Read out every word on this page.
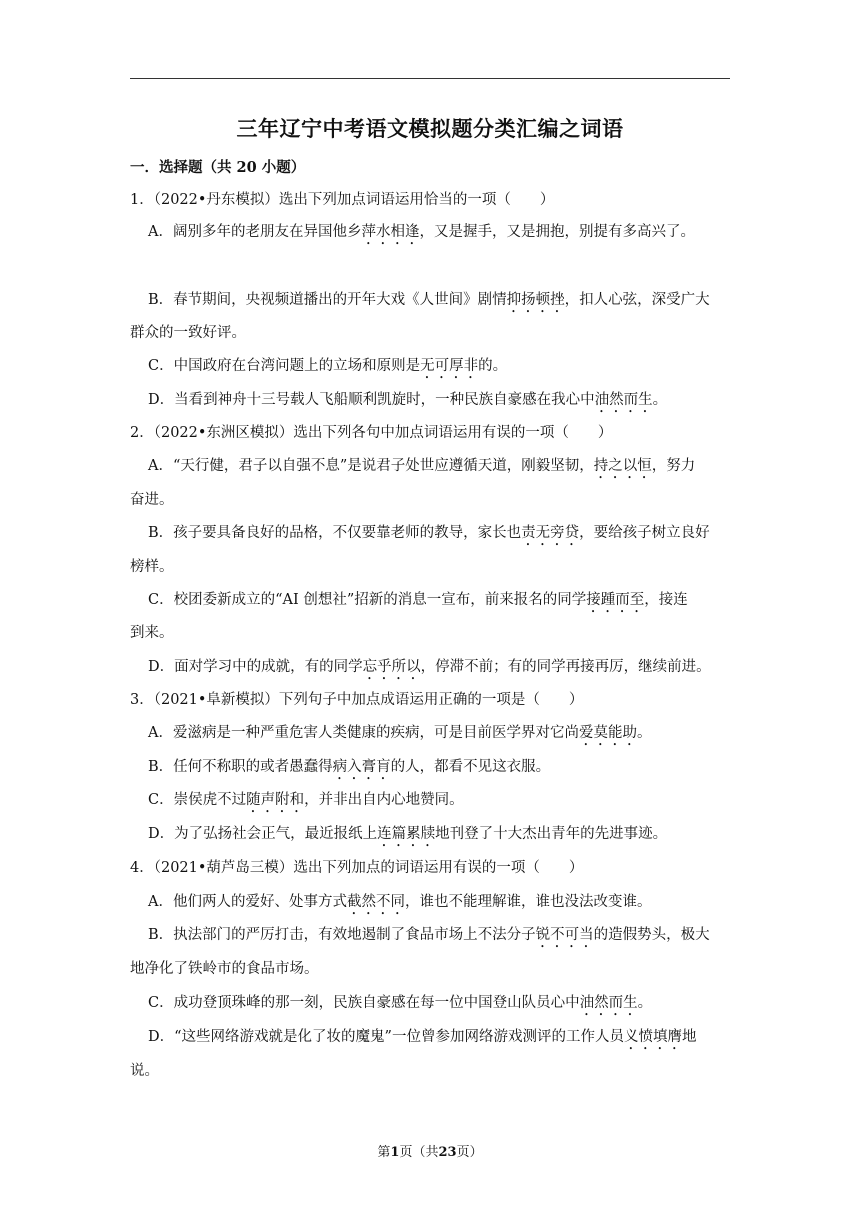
三年辽宁中考语文模拟题分类汇编之词语
一．选择题（共 20 小题）
1．（2022•丹东模拟）选出下列加点词语运用恰当的一项（　　）
A．阔别多年的老朋友在异国他乡萍水相逢，又是握手，又是拥抱，别提有多高兴了。
B．春节期间，央视频道播出的开年大戏《人世间》剧情抑扬顿挫，扣人心弦，深受广大
群众的一致好评。
C．中国政府在台湾问题上的立场和原则是无可厚非的。
D．当看到神舟十三号载人飞船顺利凯旋时，一种民族自豪感在我心中油然而生。
2．（2022•东洲区模拟）选出下列各句中加点词语运用有误的一项（　　）
A．“天行健，君子以自强不息”是说君子处世应遵循天道，刚毅坚韧，持之以恒，努力
奋进。
B．孩子要具备良好的品格，不仅要靠老师的教导，家长也责无旁贷，要给孩子树立良好
榜样。
C．校团委新成立的“AI 创想社”招新的消息一宣布，前来报名的同学接踵而至，接连
到来。
D．面对学习中的成就，有的同学忘乎所以，停滞不前；有的同学再接再厉，继续前进。
3．（2021•阜新模拟）下列句子中加点成语运用正确的一项是（　　）
A．爱滋病是一种严重危害人类健康的疾病，可是目前医学界对它尚爱莫能助。
B．任何不称职的或者愚蠢得病入膏肓的人，都看不见这衣服。
C．崇侯虎不过随声附和，并非出自内心地赞同。
D．为了弘扬社会正气，最近报纸上连篇累牍地刊登了十大杰出青年的先进事迹。
4．（2021•葫芦岛三模）选出下列加点的词语运用有误的一项（　　）
A．他们两人的爱好、处事方式截然不同，谁也不能理解谁，谁也没法改变谁。
B．执法部门的严厉打击，有效地遏制了食品市场上不法分子锐不可当的造假势头，极大
地净化了铁岭市的食品市场。
C．成功登顶珠峰的那一刻，民族自豪感在每一位中国登山队员心中油然而生。
D．“这些网络游戏就是化了妆的魔鬼”一位曾参加网络游戏测评的工作人员义愤填膺地
说。
第1页（共23页）
